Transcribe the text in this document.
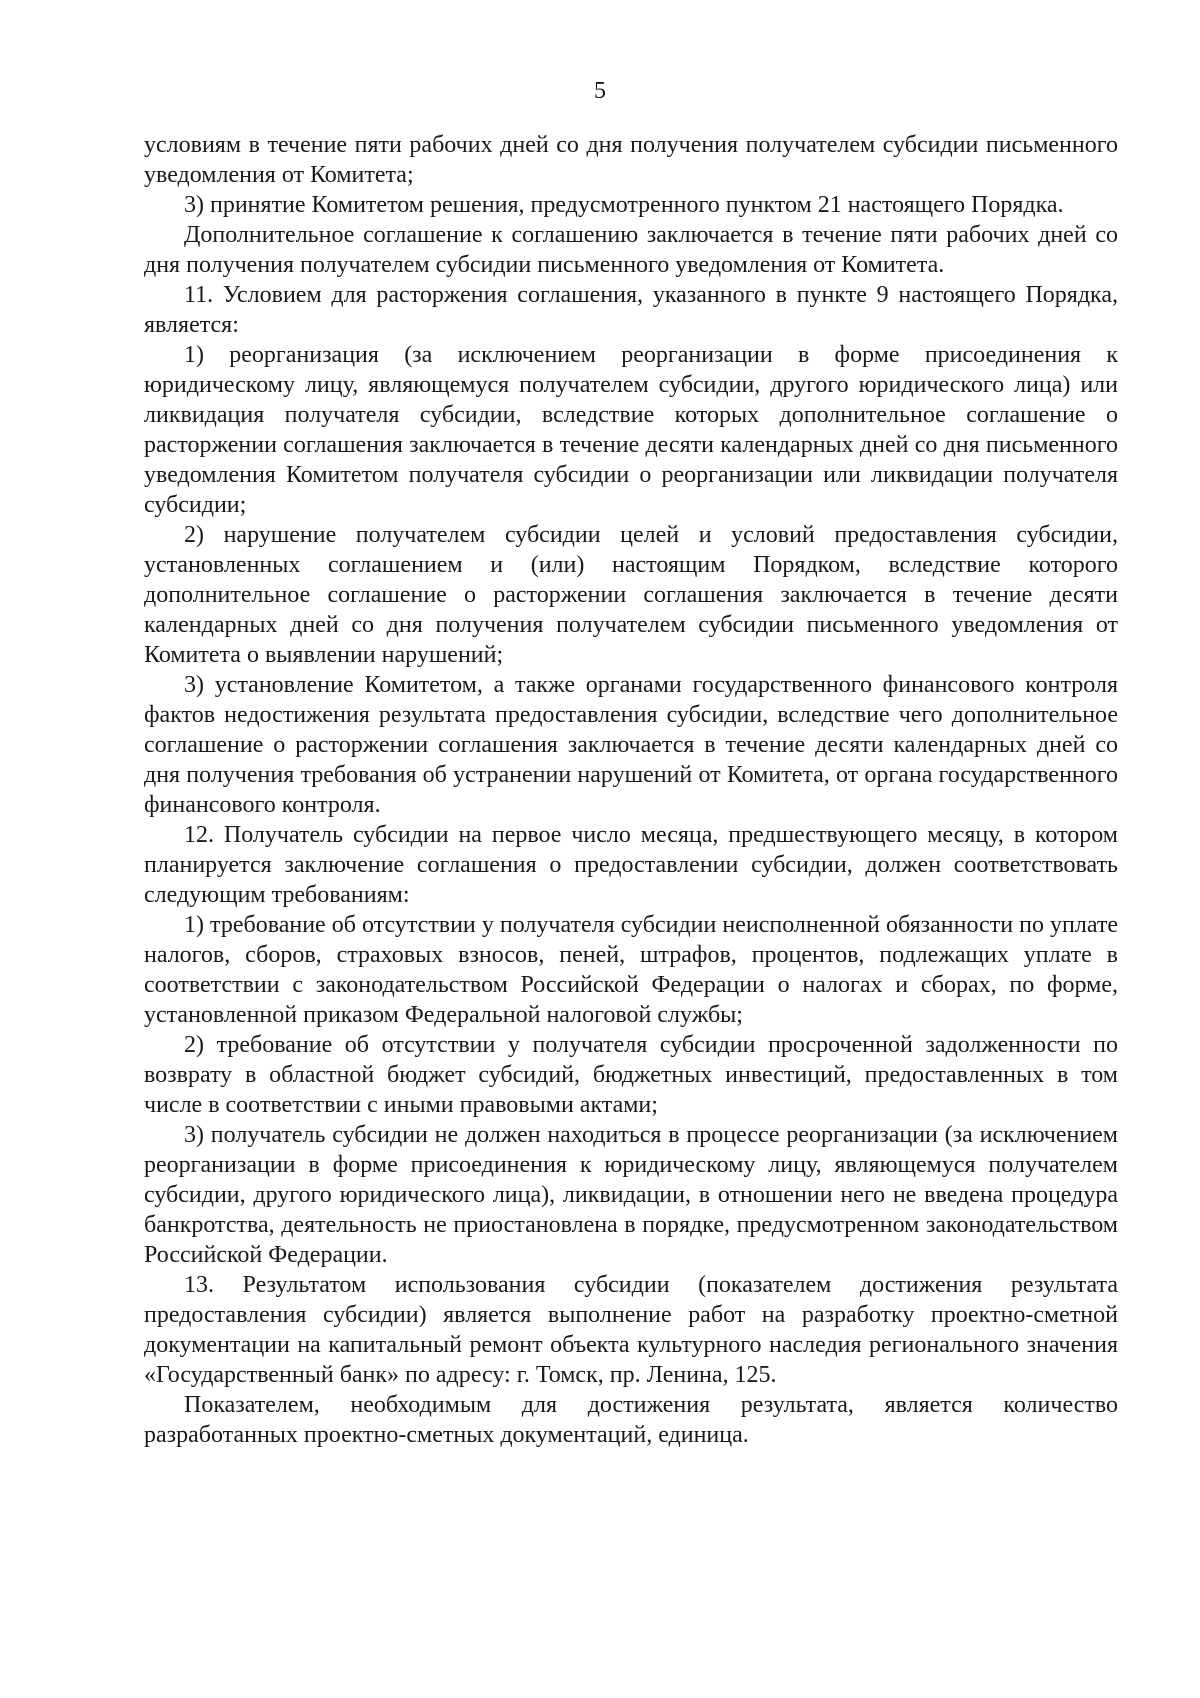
5

условиям в течение пяти рабочих дней со дня получения получателем субсидии письменного уведомления от Комитета;

3) принятие Комитетом решения, предусмотренного пунктом 21 настоящего Порядка.

Дополнительное соглашение к соглашению заключается в течение пяти рабочих дней со дня получения получателем субсидии письменного уведомления от Комитета.

11. Условием для расторжения соглашения, указанного в пункте 9 настоящего Порядка, является:

1) реорганизация (за исключением реорганизации в форме присоединения к юридическому лицу, являющемуся получателем субсидии, другого юридического лица) или ликвидация получателя субсидии, вследствие которых дополнительное соглашение о расторжении соглашения заключается в течение десяти календарных дней со дня письменного уведомления Комитетом получателя субсидии о реорганизации или ликвидации получателя субсидии;

2) нарушение получателем субсидии целей и условий предоставления субсидии, установленных соглашением и (или) настоящим Порядком, вследствие которого дополнительное соглашение о расторжении соглашения заключается в течение десяти календарных дней со дня получения получателем субсидии письменного уведомления от Комитета о выявлении нарушений;

3) установление Комитетом, а также органами государственного финансового контроля фактов недостижения результата предоставления субсидии, вследствие чего дополнительное соглашение о расторжении соглашения заключается в течение десяти календарных дней со дня получения требования об устранении нарушений от Комитета, от органа государственного финансового контроля.

12. Получатель субсидии на первое число месяца, предшествующего месяцу, в котором планируется заключение соглашения о предоставлении субсидии, должен соответствовать следующим требованиям:

1) требование об отсутствии у получателя субсидии неисполненной обязанности по уплате налогов, сборов, страховых взносов, пеней, штрафов, процентов, подлежащих уплате в соответствии с законодательством Российской Федерации о налогах и сборах, по форме, установленной приказом Федеральной налоговой службы;

2) требование об отсутствии у получателя субсидии просроченной задолженности по возврату в областной бюджет субсидий, бюджетных инвестиций, предоставленных в том числе в соответствии с иными правовыми актами;

3) получатель субсидии не должен находиться в процессе реорганизации (за исключением реорганизации в форме присоединения к юридическому лицу, являющемуся получателем субсидии, другого юридического лица), ликвидации, в отношении него не введена процедура банкротства, деятельность не приостановлена в порядке, предусмотренном законодательством Российской Федерации.

13. Результатом использования субсидии (показателем достижения результата предоставления субсидии) является выполнение работ на разработку проектно-сметной документации на капитальный ремонт объекта культурного наследия регионального значения «Государственный банк» по адресу: г. Томск, пр. Ленина, 125.

Показателем, необходимым для достижения результата, является количество разработанных проектно-сметных документаций, единица.
